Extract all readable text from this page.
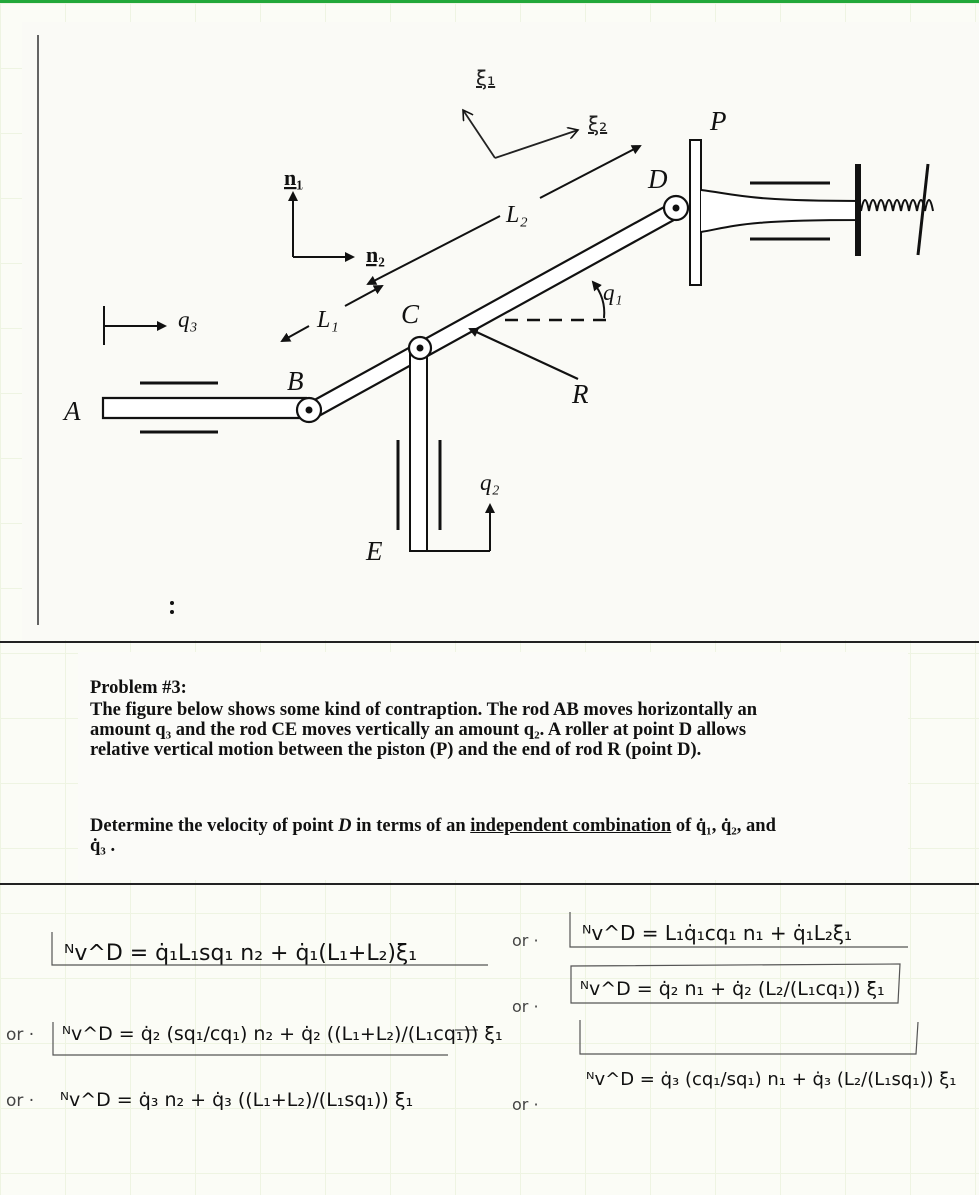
A
B
C
D
E
P
R
n₁
n₂
ξ₁
ξ₂
L₁
L₂
q₁
q₂
q₃
Problem #3:
The figure below shows some kind of contraption. The rod AB moves horizontally an
amount q₃ and the rod CE moves vertically an amount q₂. A roller at point D allows
relative vertical motion between the piston (P) and the end of rod R (point D).
Determine the velocity of point D in terms of an independent combination of q̇₁, q̇₂, and
q̇₃ .
ᴺv^D = q̇₁L₁sq₁ n₂ + q̇₁(L₁+L₂)ξ₁
or · ᴺv^D = q̇₂ (sq₁/cq₁) n₂ + q̇₂ ((L₁+L₂)/(L₁cq₁)) ξ₁
or · ᴺv^D = q̇₃ n₂ + q̇₃ ((L₁+L₂)/(L₁sq₁)) ξ₁
or · ᴺv^D = L₁q̇₁cq₁ n₁ + q̇₁L₂ξ₁
or ·
ᴺv^D = q̇₂ n₁ + q̇₂ (L₂/(L₁cq₁)) ξ₁
or ·
ᴺv^D = q̇₃ (cq₁/sq₁) n₁ + q̇₃ (L₂/(L₁sq₁)) ξ₁
